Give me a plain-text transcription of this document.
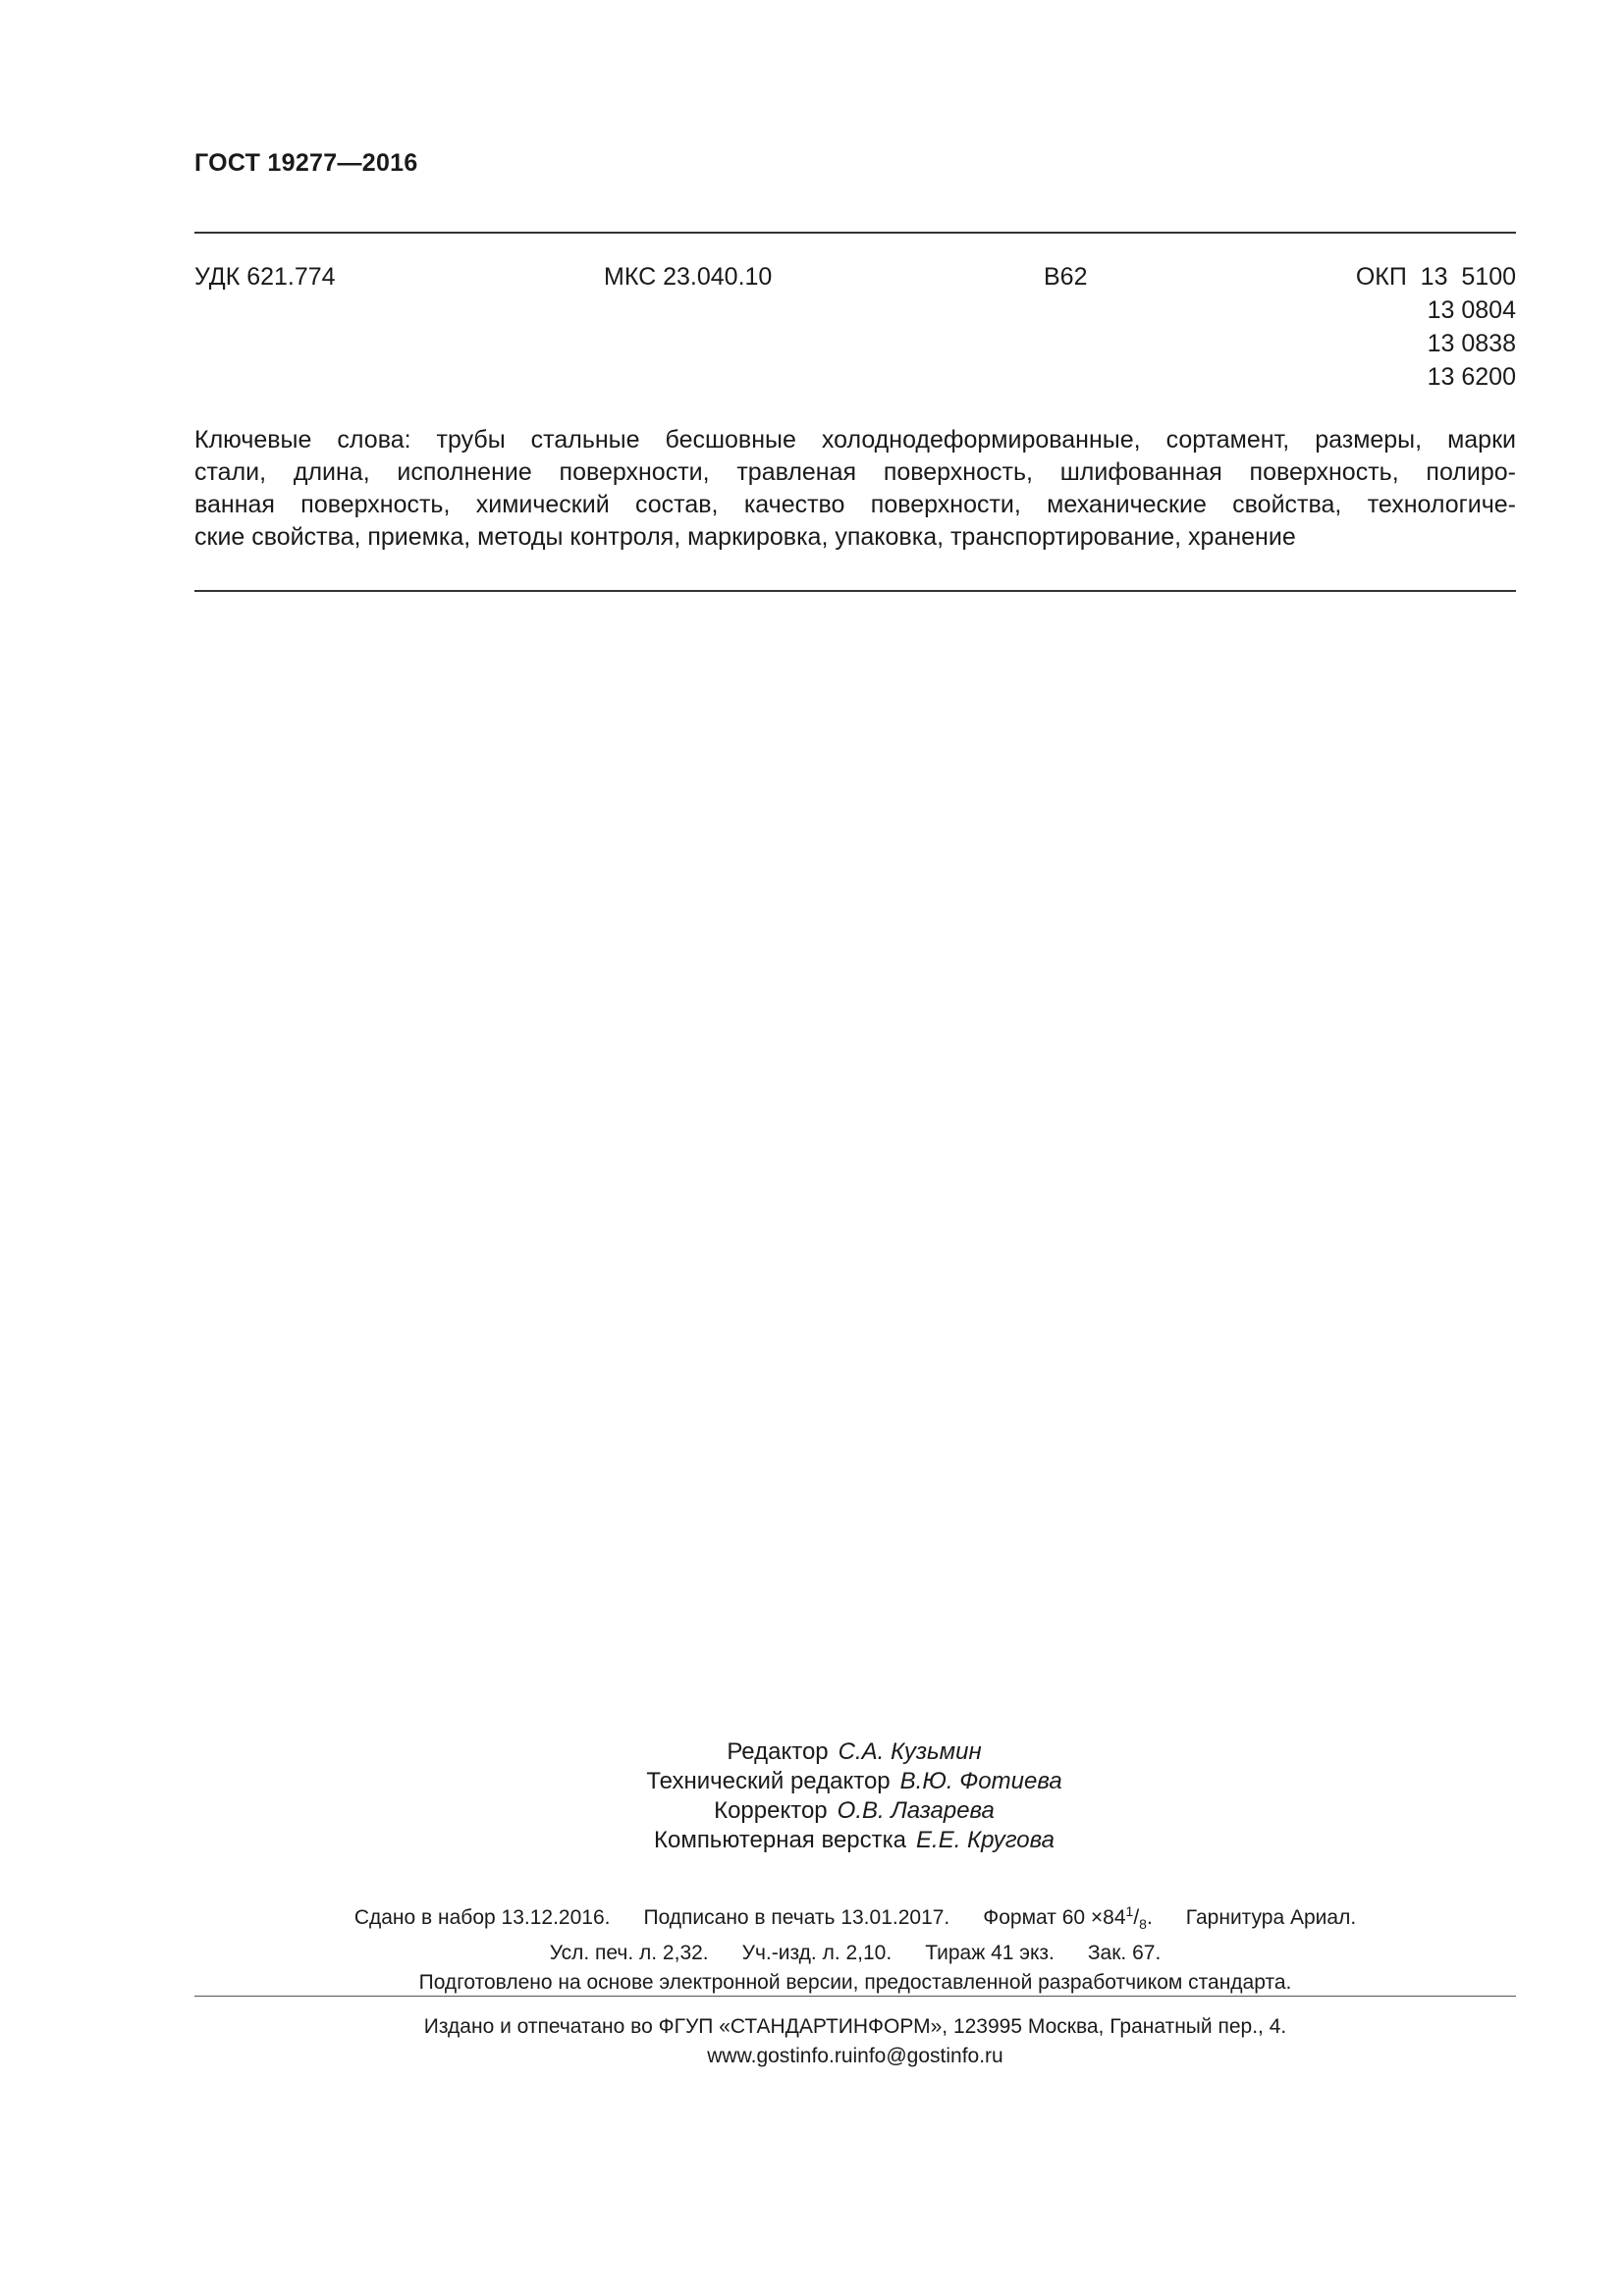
ГОСТ 19277—2016
УДК 621.774	МКС 23.040.10	В62	ОКП  13  5100
13 0804
13 0838
13 6200
Ключевые слова: трубы стальные бесшовные холоднодеформированные, сортамент, размеры, марки
стали, длина, исполнение поверхности, травленая поверхность, шлифованная поверхность, полиро-
ванная поверхность, химический состав, качество поверхности, механические свойства, технологиче-
ские свойства, приемка, методы контроля, маркировка, упаковка, транспортирование, хранение
Редактор С.А. Кузьмин
Технический редактор В.Ю. Фотиева
Корректор О.В. Лазарева
Компьютерная верстка Е.Е. Кругова
Сдано в набор 13.12.2016. Подписано в печать 13.01.2017. Формат $60 \times 84^1/_8$. Гарнитура Ариал.
Усл. печ. л. 2,32. Уч.-изд. л. 2,10. Тираж 41 экз. Зак. 67.
Подготовлено на основе электронной версии, предоставленной разработчиком стандарта.
Издано и отпечатано во ФГУП «СТАНДАРТИНФОРМ», 123995 Москва, Гранатный пер., 4.
www.gostinfo.ruinfo@gostinfo.ru
